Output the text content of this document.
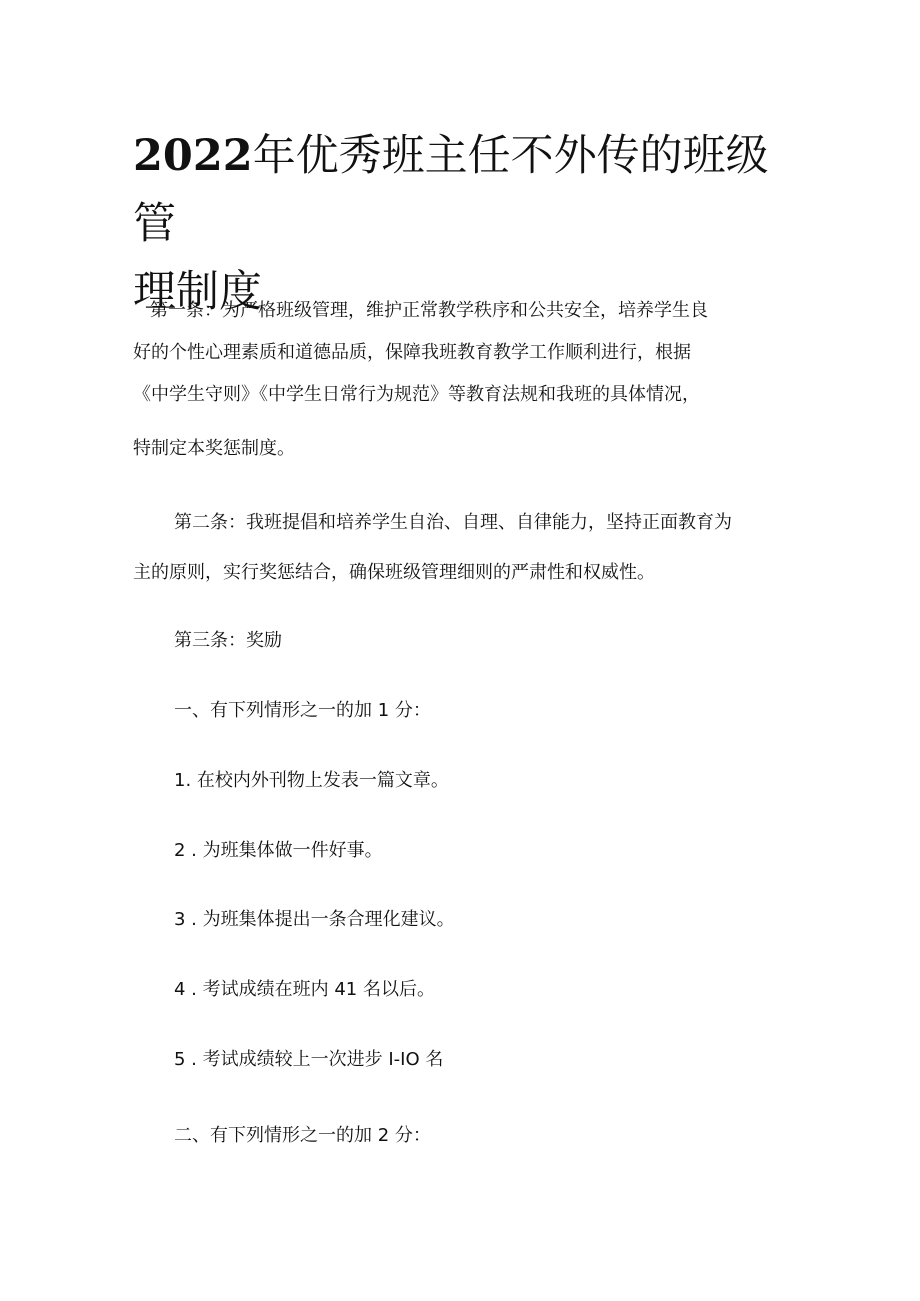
2022年优秀班主任不外传的班级管
理制度

第一条：为严格班级管理，维护正常教学秩序和公共安全，培养学生良

好的个性心理素质和道德品质，保障我班教育教学工作顺利进行，根据

《中学生守则》《中学生日常行为规范》等教育法规和我班的具体情况，

特制定本奖惩制度。

第二条：我班提倡和培养学生自治、自理、自律能力，坚持正面教育为

主的原则，实行奖惩结合，确保班级管理细则的严肃性和权威性。

第三条：奖励

一、有下列情形之一的加 1 分：

1. 在校内外刊物上发表一篇文章。

2 . 为班集体做一件好事。

3 . 为班集体提出一条合理化建议。

4 . 考试成绩在班内 41 名以后。

5 . 考试成绩较上一次进步 I-IO 名

二、有下列情形之一的加 2 分：
